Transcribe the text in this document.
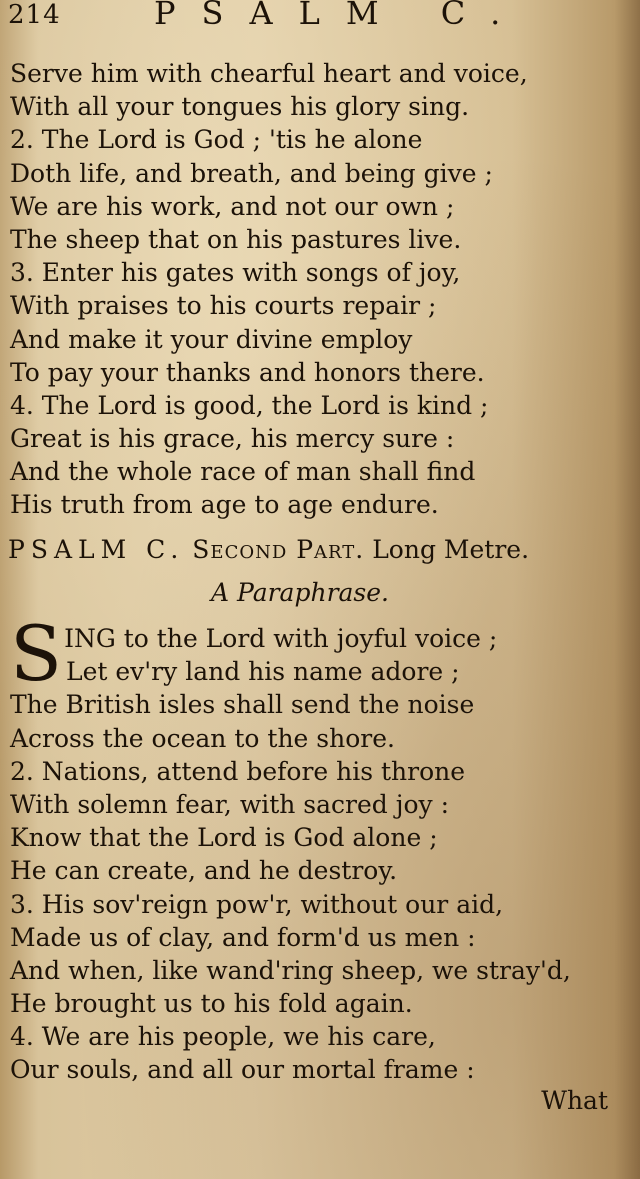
214	PSALM C.
Serve him with chearful heart and voice,
With all your tongues his glory sing.
2. The Lord is God ; 'tis he alone
Doth life, and breath, and being give ;
We are his work, and not our own ;
The sheep that on his pastures live.
3. Enter his gates with songs of joy,
With praises to his courts repair ;
And make it your divine employ
To pay your thanks and honors there.
4. The Lord is good, the Lord is kind ;
Great is his grace, his mercy sure :
And the whole race of man shall find
His truth from age to age endure.
PSALM C. Second Part. Long Metre.
A Paraphrase.
S ING to the Lord with joyful voice ;
Let ev'ry land his name adore ;
The British isles shall send the noise
Across the ocean to the shore.
2. Nations, attend before his throne
With solemn fear, with sacred joy :
Know that the Lord is God alone ;
He can create, and he destroy.
3. His sov'reign pow'r, without our aid,
Made us of clay, and form'd us men :
And when, like wand'ring sheep, we stray'd,
He brought us to his fold again.
4. We are his people, we his care,
Our souls, and all our mortal frame :
What
